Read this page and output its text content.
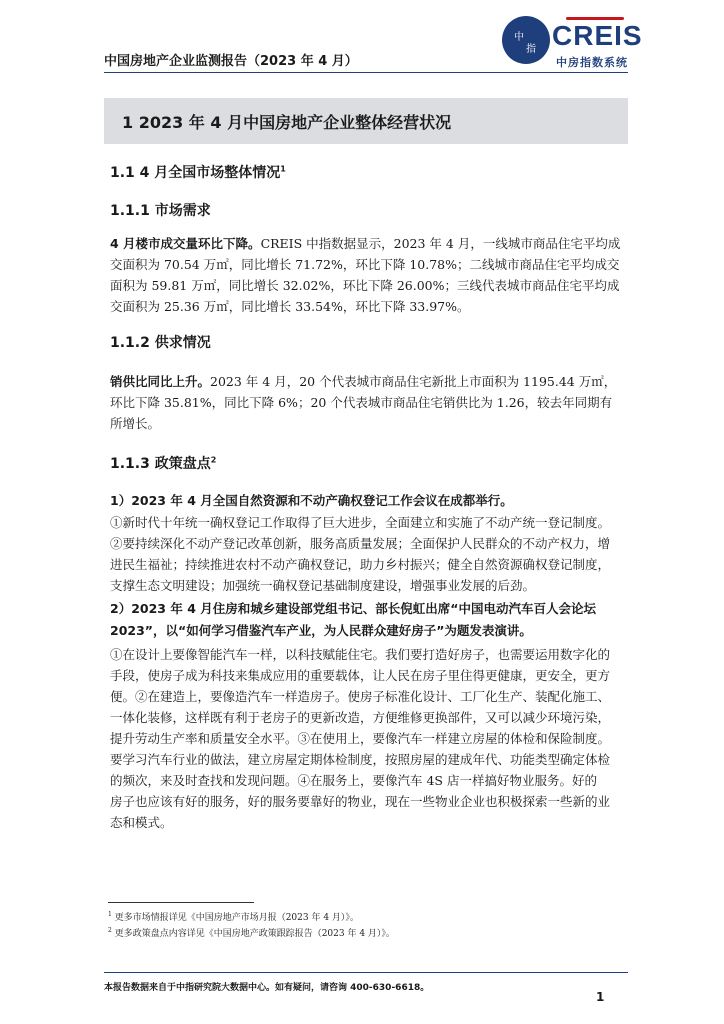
中国房地产企业监测报告（2023 年 4 月）
中
指 CREIS
中房指数系统
1 2023 年 4 月中国房地产企业整体经营状况
1.1 4 月全国市场整体情况$^1$
1.1.1 市场需求
4 月楼市成交量环比下降。CREIS 中指数据显示，2023 年 4 月，一线城市商品住宅平均成
交面积为 70.54 万㎡，同比增长 71.72%，环比下降 10.78%；二线城市商品住宅平均成交
面积为 59.81 万㎡，同比增长 32.02%，环比下降 26.00%；三线代表城市商品住宅平均成
交面积为 25.36 万㎡，同比增长 33.54%，环比下降 33.97%。
1.1.2 供求情况
销供比同比上升。2023 年 4 月，20 个代表城市商品住宅新批上市面积为 1195.44 万㎡，
环比下降 35.81%，同比下降 6%；20 个代表城市商品住宅销供比为 1.26，较去年同期有
所增长。
1.1.3 政策盘点$^2$
1）2023 年 4 月全国自然资源和不动产确权登记工作会议在成都举行。
①新时代十年统一确权登记工作取得了巨大进步，全面建立和实施了不动产统一登记制度。
②要持续深化不动产登记改革创新，服务高质量发展；全面保护人民群众的不动产权力，增
进民生福祉；持续推进农村不动产确权登记，助力乡村振兴；健全自然资源确权登记制度，
支撑生态文明建设；加强统一确权登记基础制度建设，增强事业发展的后劲。
2）2023 年 4 月住房和城乡建设部党组书记、部长倪虹出席“中国电动汽车百人会论坛
2023”，以“如何学习借鉴汽车产业，为人民群众建好房子”为题发表演讲。
①在设计上要像智能汽车一样，以科技赋能住宅。我们要打造好房子，也需要运用数字化的
手段，使房子成为科技来集成应用的重要载体，让人民在房子里住得更健康，更安全，更方
便。②在建造上，要像造汽车一样造房子。使房子标准化设计、工厂化生产、装配化施工、
一体化装修，这样既有利于老房子的更新改造，方便维修更换部件，又可以减少环境污染，
提升劳动生产率和质量安全水平。③在使用上，要像汽车一样建立房屋的体检和保险制度。
要学习汽车行业的做法，建立房屋定期体检制度，按照房屋的建成年代、功能类型确定体检
的频次，来及时查找和发现问题。④在服务上，要像汽车 4S 店一样搞好物业服务。好的
房子也应该有好的服务，好的服务要靠好的物业，现在一些物业企业也积极探索一些新的业
态和模式。
$^1$ 更多市场情报详见《中国房地产市场月报（2023 年 4 月）》。
$^2$ 更多政策盘点内容详见《中国房地产政策跟踪报告（2023 年 4 月）》。
本报告数据来自于中指研究院大数据中心。如有疑问，请咨询 400-630-6618。
1
